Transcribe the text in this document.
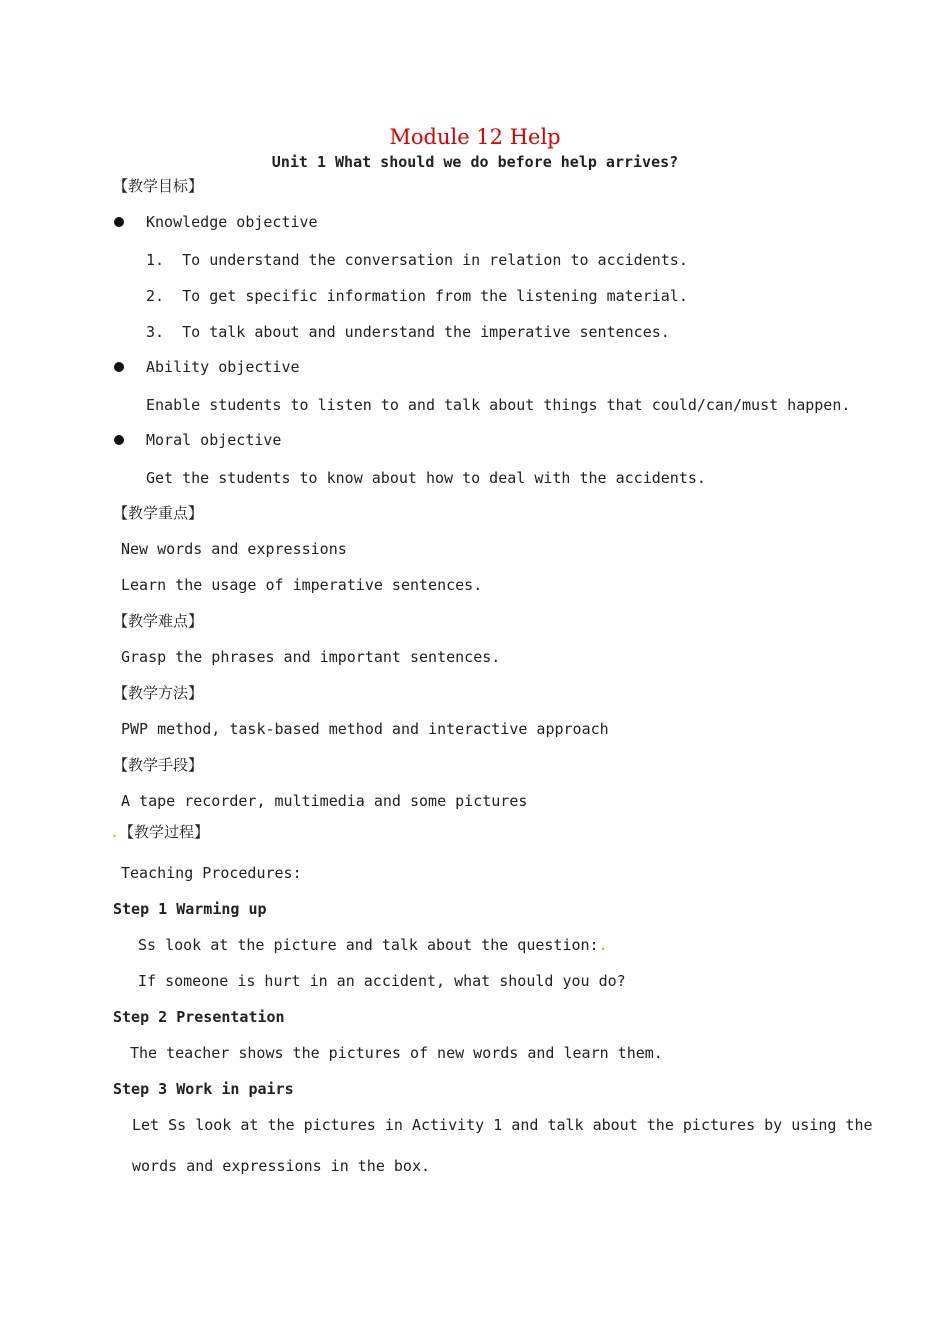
Module 12 Help
Unit 1 What should we do before help arrives?
【教学目标】
Knowledge objective
1.  To understand the conversation in relation to accidents.
2.  To get specific information from the listening material.
3.  To talk about and understand the imperative sentences.
Ability objective
Enable students to listen to and talk about things that could/can/must happen.
Moral objective
Get the students to know about how to deal with the accidents.
【教学重点】
New words and expressions
Learn the usage of imperative sentences.
【教学难点】
Grasp the phrases and important sentences.
【教学方法】
PWP method, task-based method and interactive approach
【教学手段】
A tape recorder, multimedia and some pictures
.【教学过程】
Teaching Procedures:
Step 1 Warming up
Ss look at the picture and talk about the question:.
If someone is hurt in an accident, what should you do?
Step 2 Presentation
The teacher shows the pictures of new words and learn them.
Step 3 Work in pairs
Let Ss look at the pictures in Activity 1 and talk about the pictures by using the
words and expressions in the box.
